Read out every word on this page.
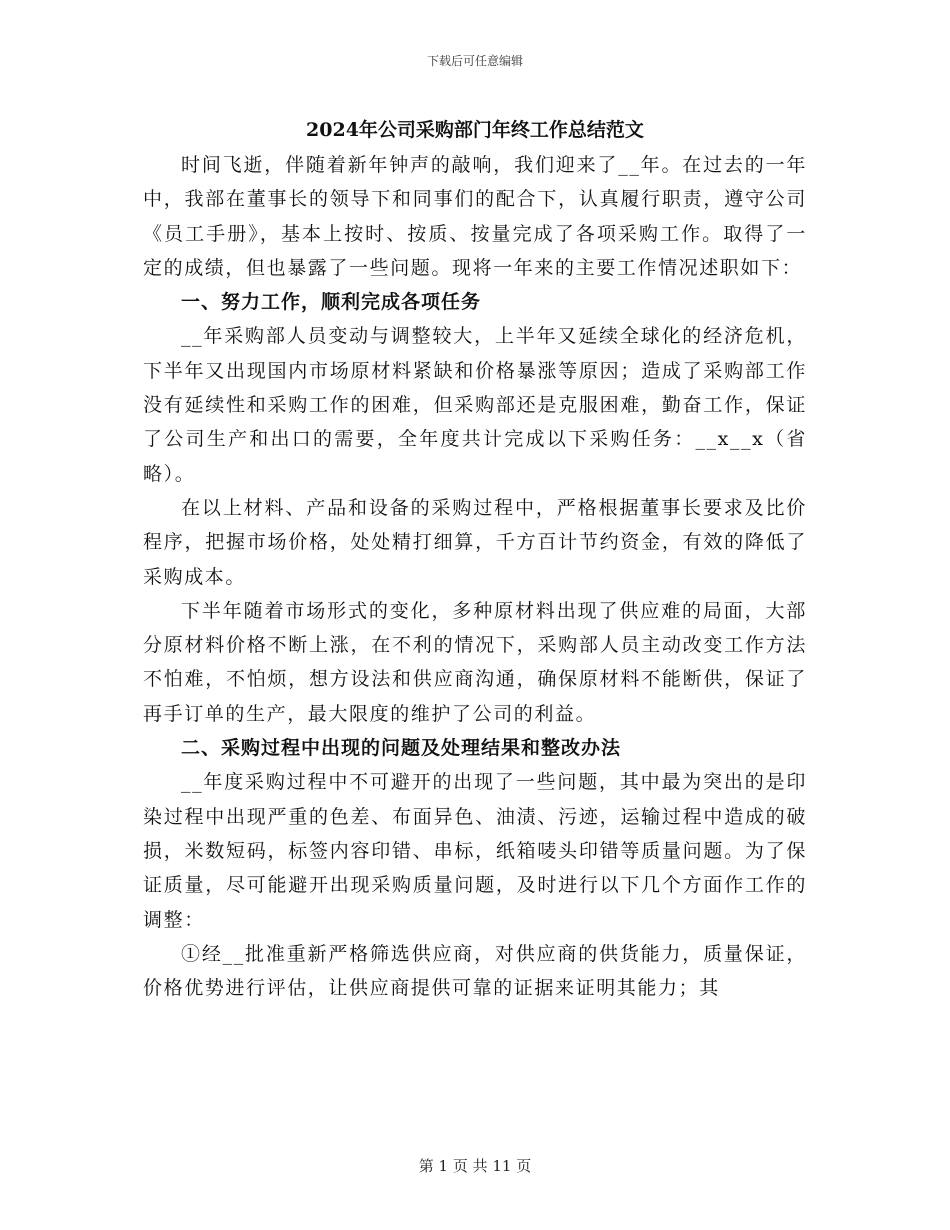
下载后可任意编辑
2024年公司采购部门年终工作总结范文

时间飞逝，伴随着新年钟声的敲响，我们迎来了__年。在过去的一年中，我部在董事长的领导下和同事们的配合下，认真履行职责，遵守公司《员工手册》，基本上按时、按质、按量完成了各项采购工作。取得了一定的成绩，但也暴露了一些问题。现将一年来的主要工作情况述职如下：

一、努力工作，顺利完成各项任务

__年采购部人员变动与调整较大，上半年又延续全球化的经济危机，下半年又出现国内市场原材料紧缺和价格暴涨等原因；造成了采购部工作没有延续性和采购工作的困难，但采购部还是克服困难，勤奋工作，保证了公司生产和出口的需要，全年度共计完成以下采购任务：__x__x（省略）。

在以上材料、产品和设备的采购过程中，严格根据董事长要求及比价程序，把握市场价格，处处精打细算，千方百计节约资金，有效的降低了采购成本。

下半年随着市场形式的变化，多种原材料出现了供应难的局面，大部分原材料价格不断上涨，在不利的情况下，采购部人员主动改变工作方法不怕难，不怕烦，想方设法和供应商沟通，确保原材料不能断供，保证了再手订单的生产，最大限度的维护了公司的利益。

二、采购过程中出现的问题及处理结果和整改办法

__年度采购过程中不可避开的出现了一些问题，其中最为突出的是印染过程中出现严重的色差、布面异色、油渍、污迹，运输过程中造成的破损，米数短码，标签内容印错、串标，纸箱唛头印错等质量问题。为了保证质量，尽可能避开出现采购质量问题，及时进行以下几个方面作工作的调整：

①经__批准重新严格筛选供应商，对供应商的供货能力，质量保证，价格优势进行评估，让供应商提供可靠的证据来证明其能力；其

第 1 页 共 11 页
